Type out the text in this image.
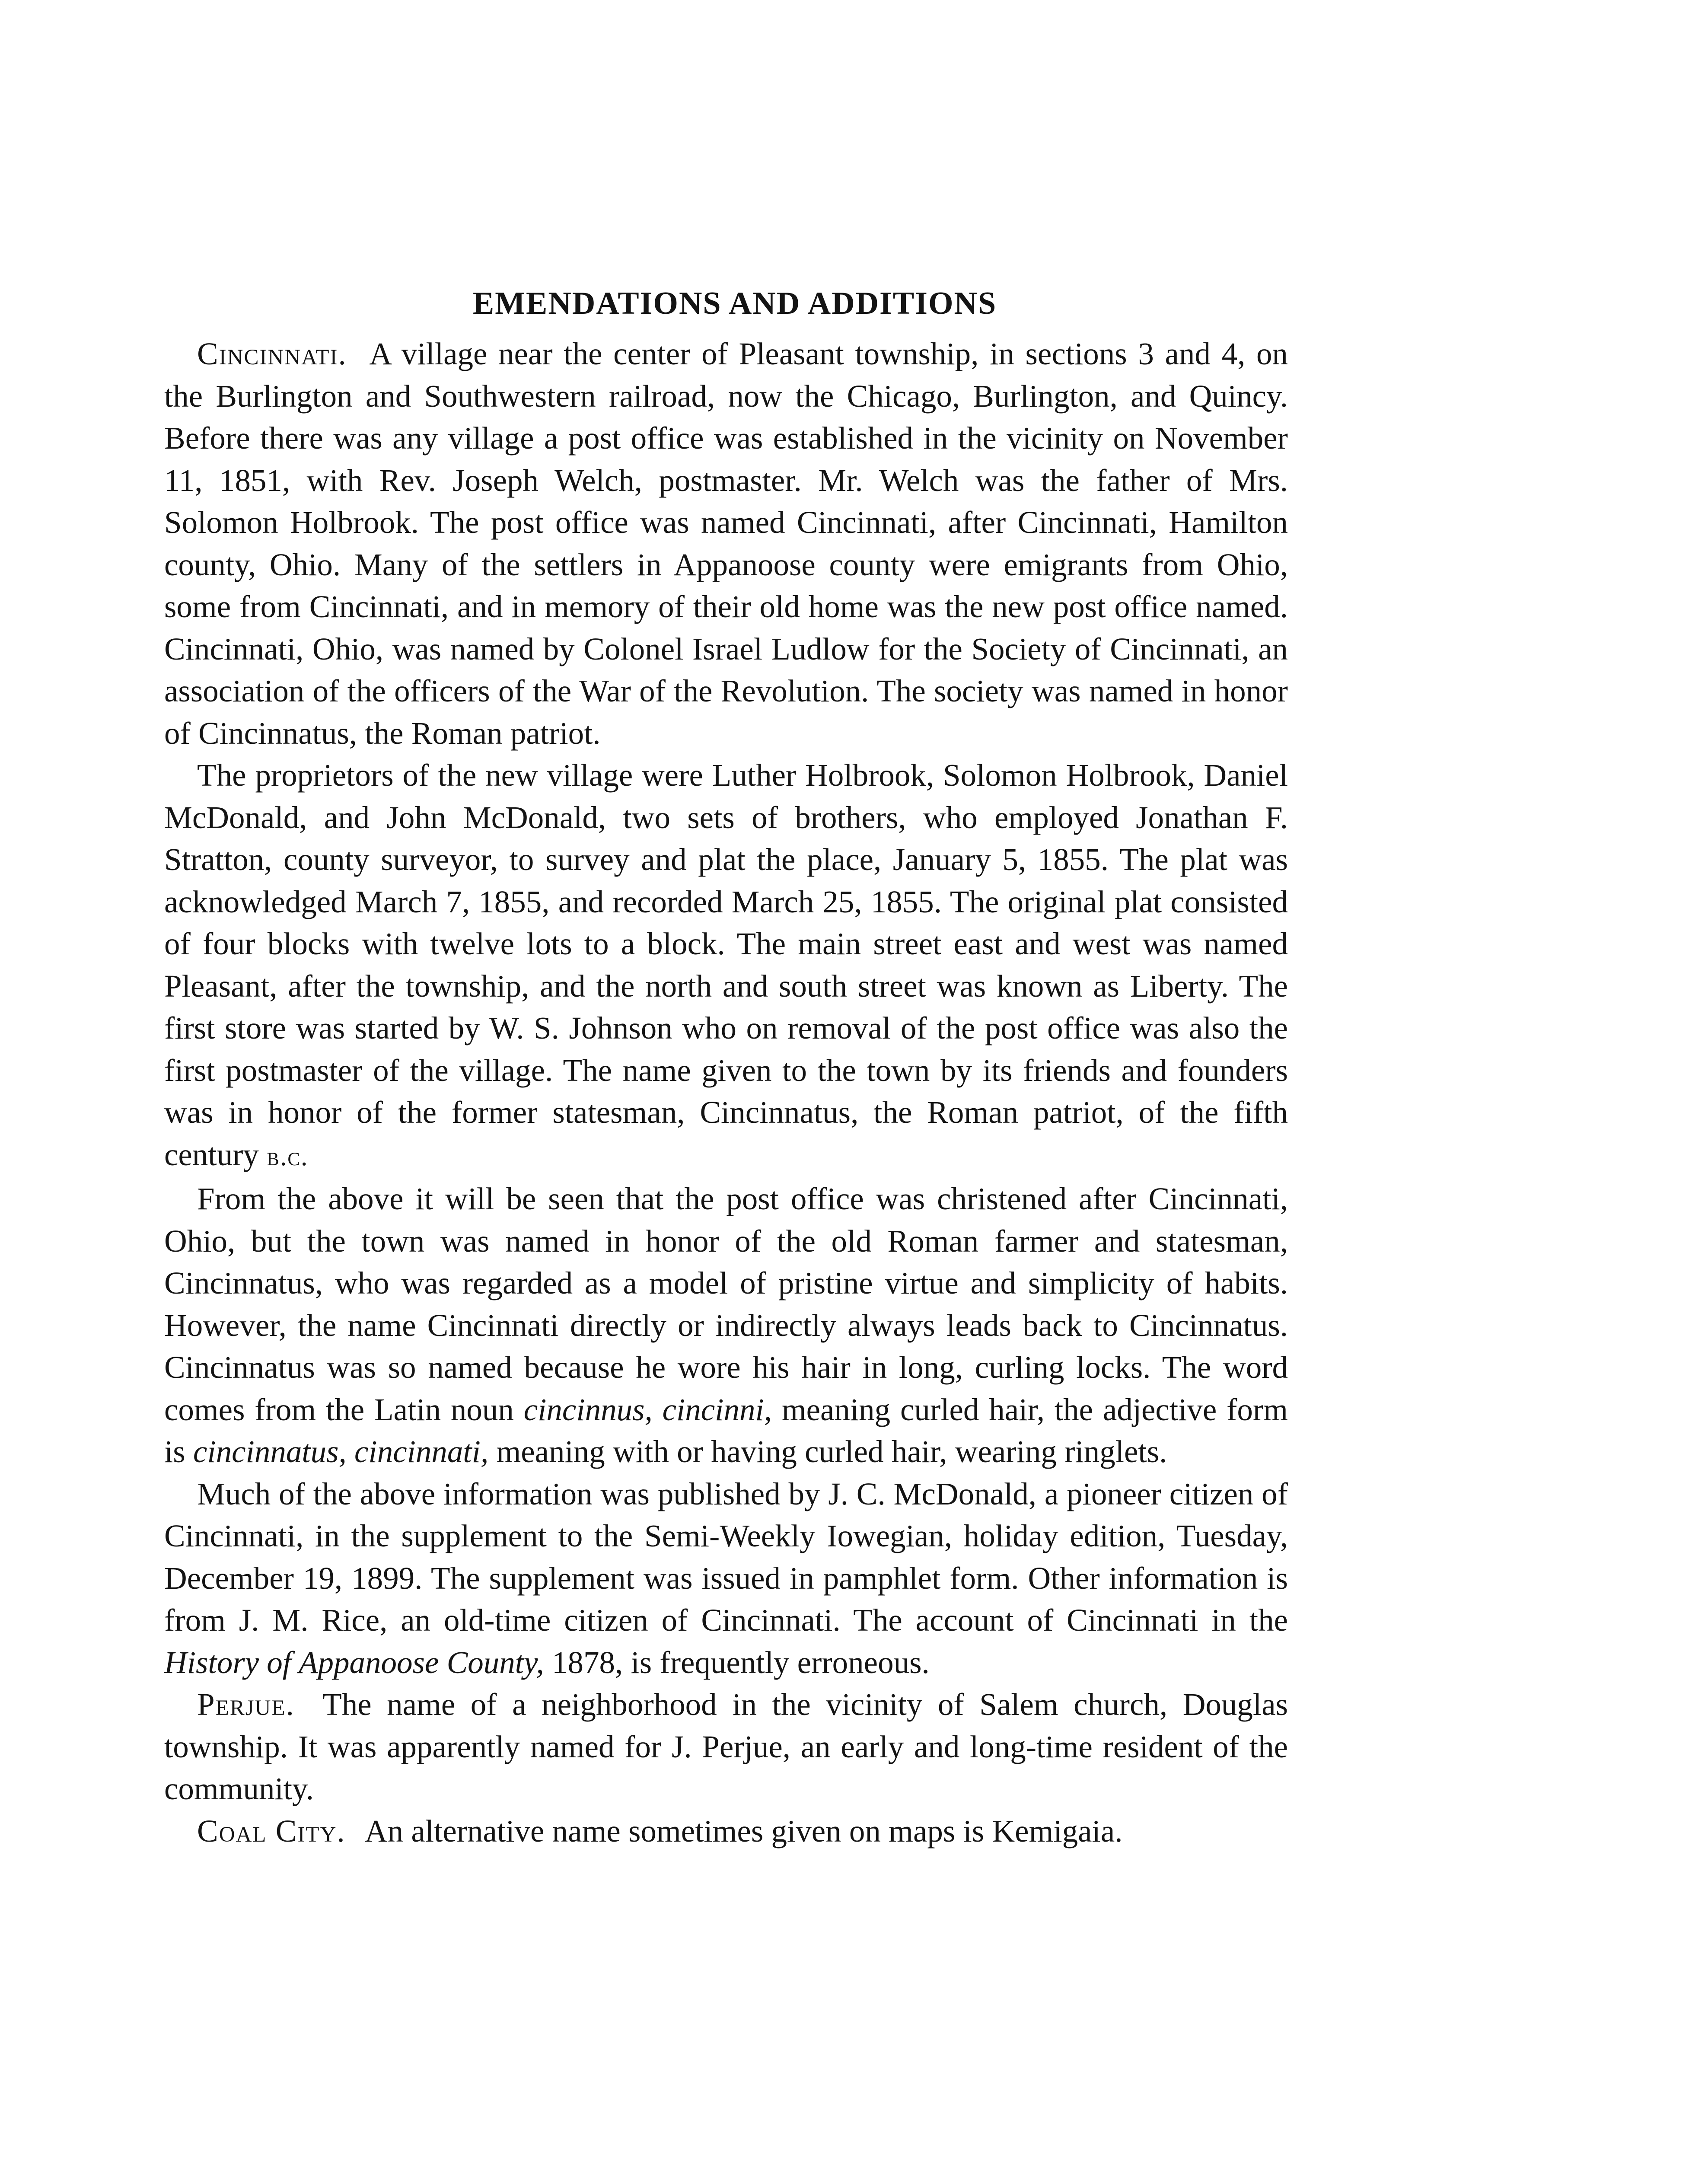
EMENDATIONS AND ADDITIONS

Cincinnati. A village near the center of Pleasant township, in sections 3 and 4, on the Burlington and Southwestern railroad, now the Chicago, Burlington, and Quincy. Before there was any village a post office was established in the vicinity on November 11, 1851, with Rev. Joseph Welch, postmaster. Mr. Welch was the father of Mrs. Solomon Holbrook. The post office was named Cincinnati, after Cincinnati, Hamilton county, Ohio. Many of the settlers in Appanoose county were emigrants from Ohio, some from Cincinnati, and in memory of their old home was the new post office named. Cincinnati, Ohio, was named by Colonel Israel Ludlow for the Society of Cincinnati, an association of the officers of the War of the Revolution. The society was named in honor of Cincinnatus, the Roman patriot.

The proprietors of the new village were Luther Holbrook, Solomon Holbrook, Daniel McDonald, and John McDonald, two sets of brothers, who employed Jonathan F. Stratton, county surveyor, to survey and plat the place, January 5, 1855. The plat was acknowledged March 7, 1855, and recorded March 25, 1855. The original plat consisted of four blocks with twelve lots to a block. The main street east and west was named Pleasant, after the township, and the north and south street was known as Liberty. The first store was started by W. S. Johnson who on removal of the post office was also the first postmaster of the village. The name given to the town by its friends and founders was in honor of the former statesman, Cincinnatus, the Roman patriot, of the fifth century b.c.

From the above it will be seen that the post office was christened after Cincinnati, Ohio, but the town was named in honor of the old Roman farmer and statesman, Cincinnatus, who was regarded as a model of pristine virtue and simplicity of habits. However, the name Cincinnati directly or indirectly always leads back to Cincinnatus. Cincinnatus was so named because he wore his hair in long, curling locks. The word comes from the Latin noun cincinnus, cincinni, meaning curled hair, the adjective form is cincinnatus, cincinnati, meaning with or having curled hair, wearing ringlets.

Much of the above information was published by J. C. McDonald, a pioneer citizen of Cincinnati, in the supplement to the Semi-Weekly Iowegian, holiday edition, Tuesday, December 19, 1899. The supplement was issued in pamphlet form. Other information is from J. M. Rice, an old-time citizen of Cincinnati. The account of Cincinnati in the History of Appanoose County, 1878, is frequently erroneous.

Perjue. The name of a neighborhood in the vicinity of Salem church, Douglas township. It was apparently named for J. Perjue, an early and long-time resident of the community.

Coal City. An alternative name sometimes given on maps is Kemigaia.
